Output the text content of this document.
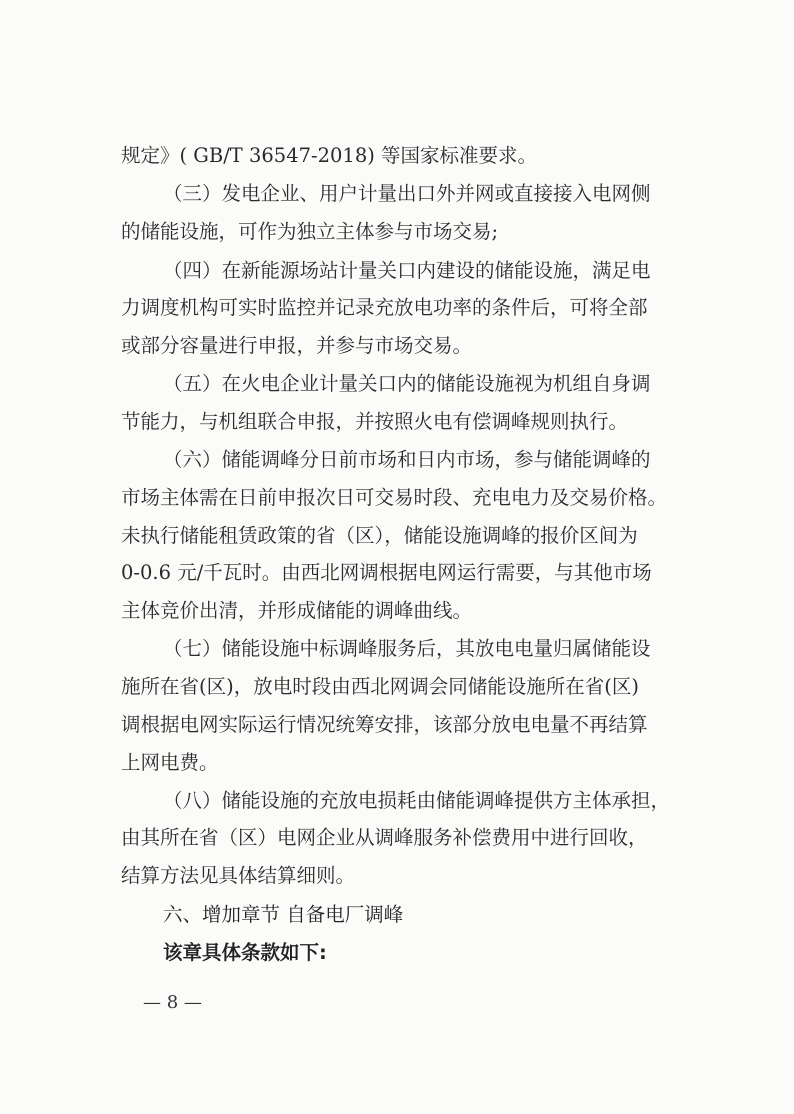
规定》( GB/T 36547-2018) 等国家标准要求。
（三）发电企业、用户计量出口外并网或直接接入电网侧
的储能设施，可作为独立主体参与市场交易;
（四）在新能源场站计量关口内建设的储能设施，满足电
力调度机构可实时监控并记录充放电功率的条件后，可将全部
或部分容量进行申报，并参与市场交易。
（五）在火电企业计量关口内的储能设施视为机组自身调
节能力，与机组联合申报，并按照火电有偿调峰规则执行。
（六）储能调峰分日前市场和日内市场，参与储能调峰的
市场主体需在日前申报次日可交易时段、充电电力及交易价格。
未执行储能租赁政策的省（区），储能设施调峰的报价区间为
0-0.6 元/千瓦时。由西北网调根据电网运行需要，与其他市场
主体竞价出清，并形成储能的调峰曲线。
（七）储能设施中标调峰服务后，其放电电量归属储能设
施所在省(区)，放电时段由西北网调会同储能设施所在省(区)
调根据电网实际运行情况统筹安排，该部分放电电量不再结算
上网电费。
（八）储能设施的充放电损耗由储能调峰提供方主体承担，
由其所在省（区）电网企业从调峰服务补偿费用中进行回收，
结算方法见具体结算细则。
六、增加章节 自备电厂调峰
该章具体条款如下:
— 8 —
